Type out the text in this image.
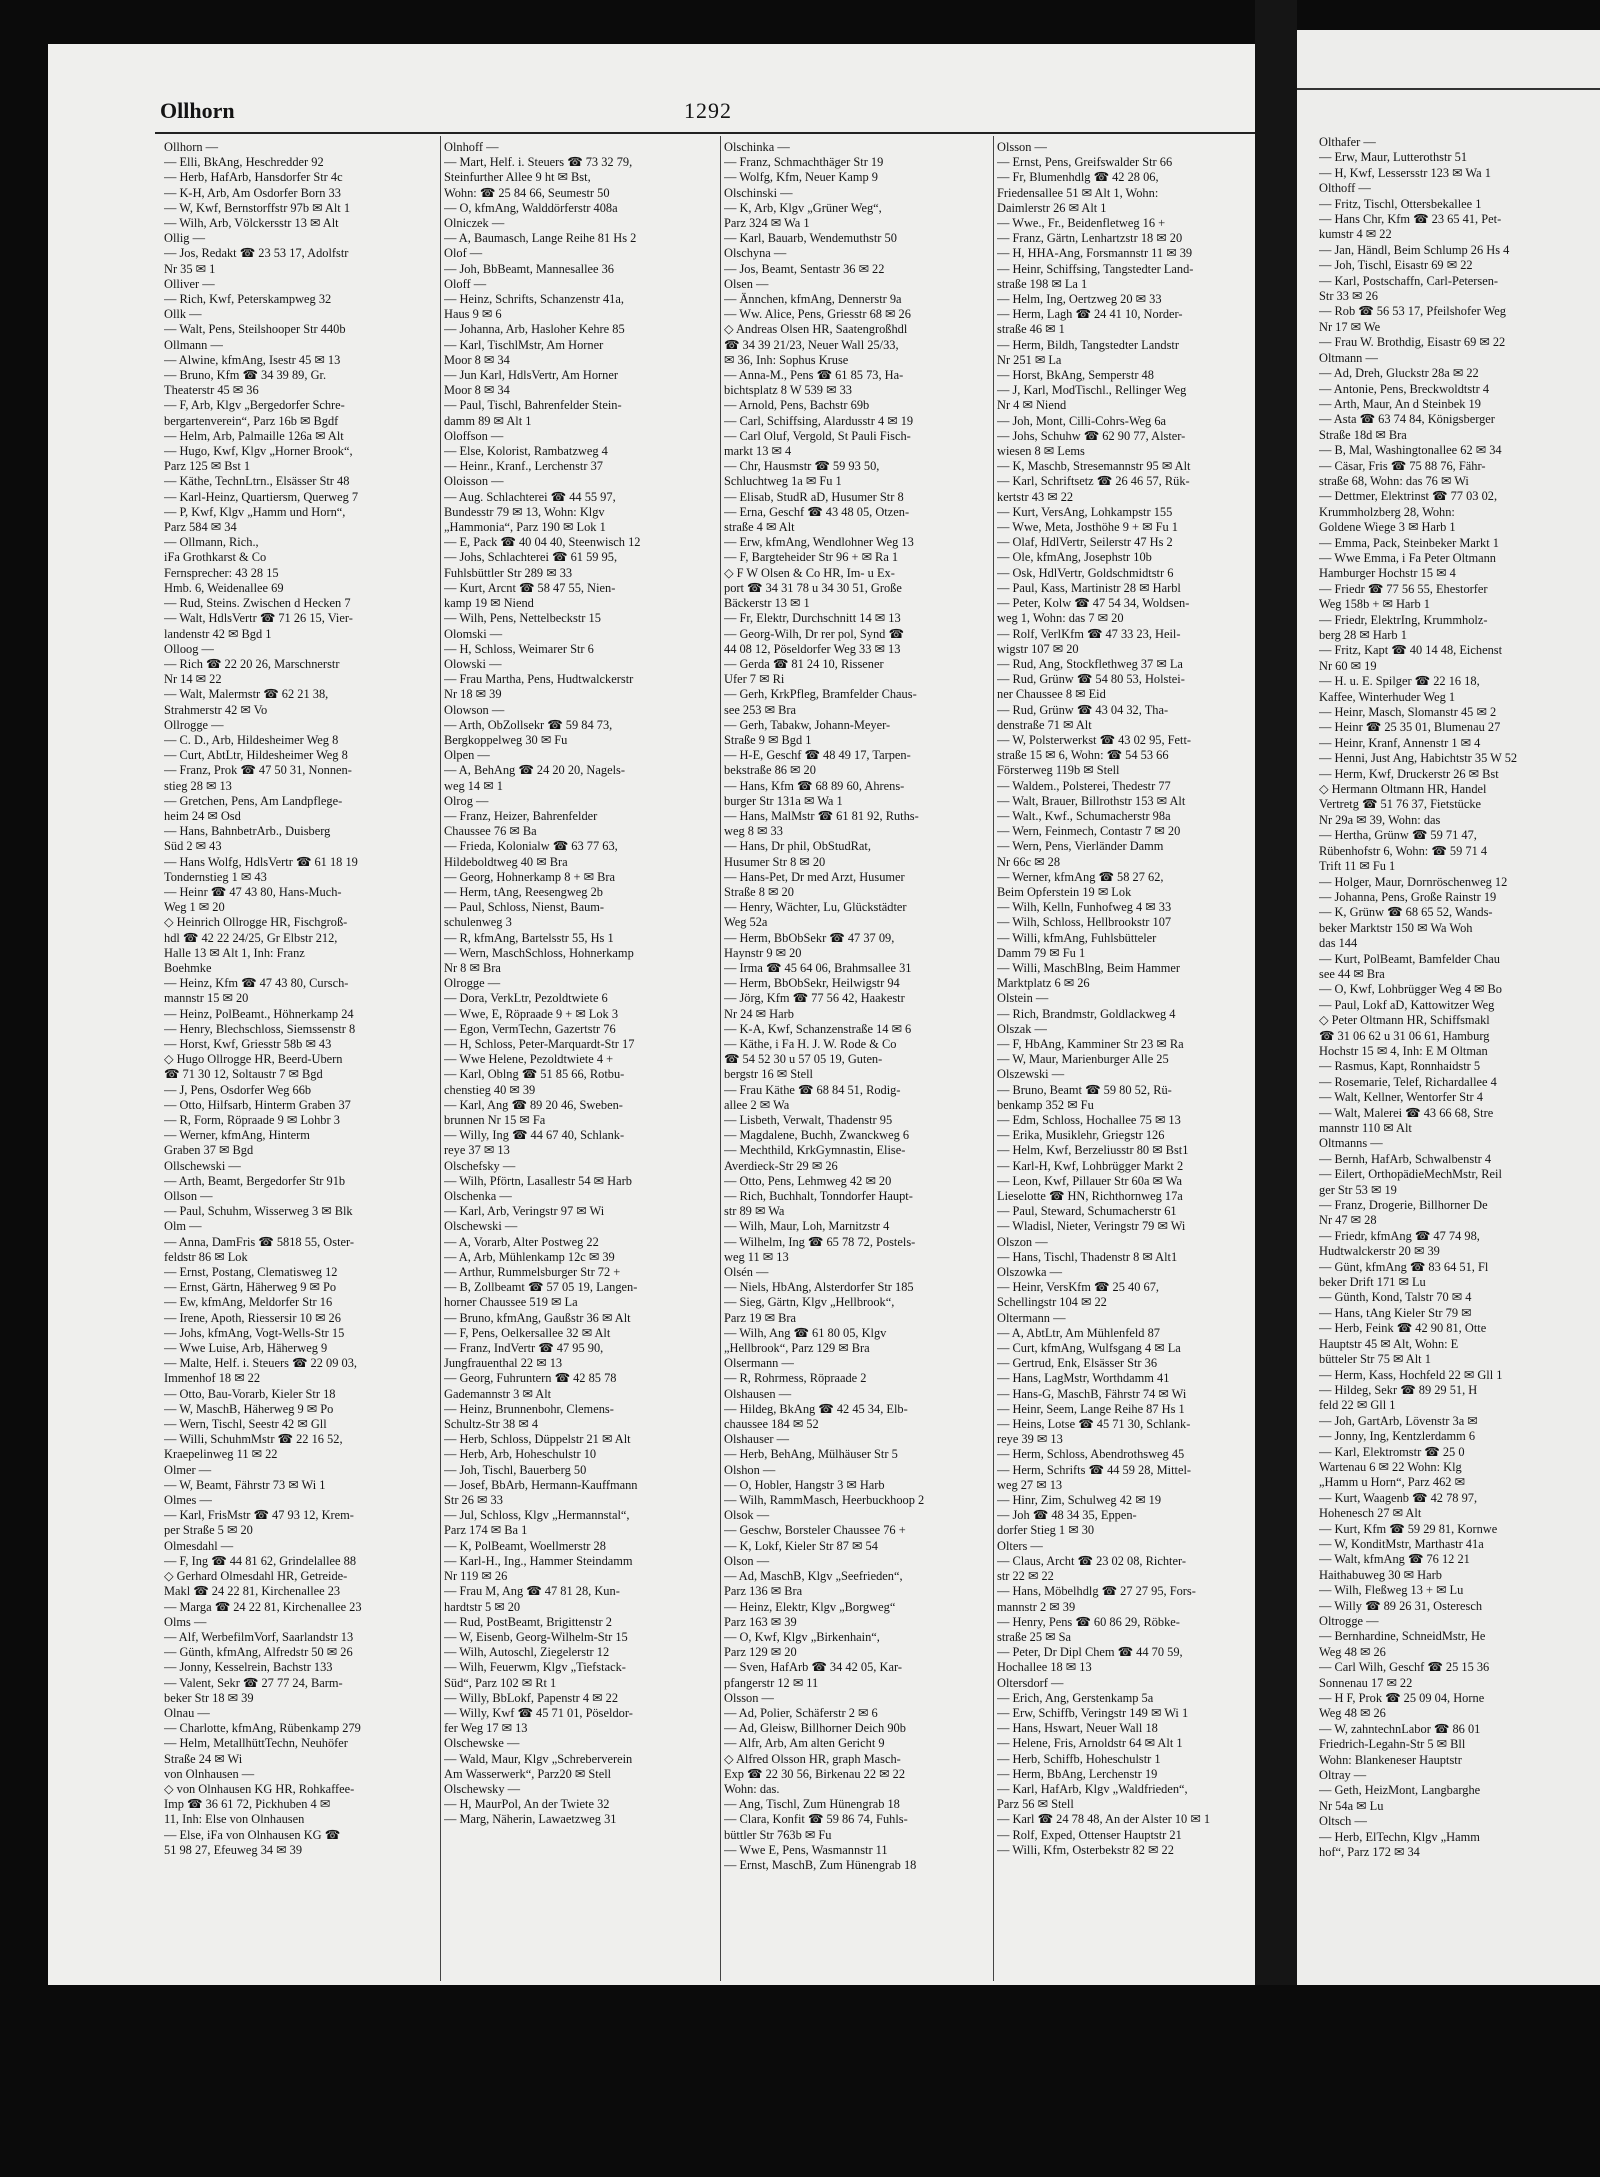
Olthafer —
— Erw, Maur, Lutterothstr 51
— H, Kwf, Lessersstr 123 ✉ Wa 1
Olthoff —
— Fritz, Tischl, Ottersbekallee 1
— Hans Chr, Kfm ☎ 23 65 41, Pet-
kumstr 4 ✉ 22
— Jan, Händl, Beim Schlump 26 Hs 4
— Joh, Tischl, Eisastr 69 ✉ 22
— Karl, Postschaffn, Carl-Petersen-
Str 33 ✉ 26
— Rob ☎ 56 53 17, Pfeilshofer Weg
Nr 17 ✉ We
— Frau W. Brothdig, Eisastr 69 ✉ 22
Oltmann —
— Ad, Dreh, Gluckstr 28a ✉ 22
— Antonie, Pens, Breckwoldtstr 4
— Arth, Maur, An d Steinbek 19
— Asta ☎ 63 74 84, Königsberger
Straße 18d ✉ Bra
— B, Mal, Washingtonallee 62 ✉ 34
— Cäsar, Fris ☎ 75 88 76, Fähr-
straße 68, Wohn: das 76 ✉ Wi
— Dettmer, Elektrinst ☎ 77 03 02,
Krummholzberg 28, Wohn:
Goldene Wiege 3 ✉ Harb 1
— Emma, Pack, Steinbeker Markt 1
— Wwe Emma, i Fa Peter Oltmann
Hamburger Hochstr 15 ✉ 4
— Friedr ☎ 77 56 55, Ehestorfer
Weg 158b + ✉ Harb 1
— Friedr, ElektrIng, Krummholz-
berg 28 ✉ Harb 1
— Fritz, Kapt ☎ 40 14 48, Eichenst
Nr 60 ✉ 19
— H. u. E. Spilger ☎ 22 16 18,
Kaffee, Winterhuder Weg 1
— Heinr, Masch, Slomanstr 45 ✉ 2
— Heinr ☎ 25 35 01, Blumenau 27
— Heinr, Kranf, Annenstr 1 ✉ 4
— Henni, Just Ang, Habichtstr 35 W 52
— Herm, Kwf, Druckerstr 26 ✉ Bst
◇ Hermann Oltmann HR, Handel
Vertretg ☎ 51 76 37, Fietstücke
Nr 29a ✉ 39, Wohn: das
— Hertha, Grünw ☎ 59 71 47,
Rübenhofstr 6, Wohn: ☎ 59 71 4
Trift 11 ✉ Fu 1
— Holger, Maur, Dornröschenweg 12
— Johanna, Pens, Große Rainstr 19
— K, Grünw ☎ 68 65 52, Wands-
beker Marktstr 150 ✉ Wa Woh
das 144
— Kurt, PolBeamt, Bamfelder Chau
see 44 ✉ Bra
— O, Kwf, Lohbrügger Weg 4 ✉ Bo
— Paul, Lokf aD, Kattowitzer Weg
◇ Peter Oltmann HR, Schiffsmakl
☎ 31 06 62 u 31 06 61, Hamburg
Hochstr 15 ✉ 4, Inh: E M Oltman
— Rasmus, Kapt, Ronnhaidstr 5
— Rosemarie, Telef, Richardallee 4
— Walt, Kellner, Wentorfer Str 4
— Walt, Malerei ☎ 43 66 68, Stre
mannstr 110 ✉ Alt
Oltmanns —
— Bernh, HafArb, Schwalbenstr 4
— Eilert, OrthopädieMechMstr, Reil
ger Str 53 ✉ 19
— Franz, Drogerie, Billhorner De
Nr 47 ✉ 28
— Friedr, kfmAng ☎ 47 74 98,
Hudtwalckerstr 20 ✉ 39
— Günt, kfmAng ☎ 83 64 51, Fl
beker Drift 171 ✉ Lu
— Günth, Kond, Talstr 70 ✉ 4
— Hans, tAng Kieler Str 79 ✉
— Herb, Feink ☎ 42 90 81, Otte
Hauptstr 45 ✉ Alt, Wohn: E
bütteler Str 75 ✉ Alt 1
— Herm, Kass, Hochfeld 22 ✉ Gll 1
— Hildeg, Sekr ☎ 89 29 51, H
feld 22 ✉ Gll 1
— Joh, GartArb, Lövenstr 3a ✉
— Jonny, Ing, Kentzlerdamm 6
— Karl, Elektromstr ☎ 25 0
Wartenau 6 ✉ 22 Wohn: Klg
„Hamm u Horn“, Parz 462 ✉
— Kurt, Waagenb ☎ 42 78 97,
Hohenesch 27 ✉ Alt
— Kurt, Kfm ☎ 59 29 81, Kornwe
— W, KonditMstr, Marthastr 41a
— Walt, kfmAng ☎ 76 12 21
Haithabuweg 30 ✉ Harb
— Wilh, Fleßweg 13 + ✉ Lu
— Willy ☎ 89 26 31, Osteresch
Oltrogge —
— Bernhardine, SchneidMstr, He
Weg 48 ✉ 26
— Carl Wilh, Geschf ☎ 25 15 36
Sonnenau 17 ✉ 22
— H F, Prok ☎ 25 09 04, Horne
Weg 48 ✉ 26
— W, zahntechnLabor ☎ 86 01
Friedrich-Legahn-Str 5 ✉ Bll
Wohn: Blankeneser Hauptstr
Oltray —
— Geth, HeizMont, Langbarghe
Nr 54a ✉ Lu
Oltsch —
— Herb, ElTechn, Klgv „Hamm
hof“, Parz 172 ✉ 34
Ollhorn	1292
Ollhorn —
— Elli, BkAng, Heschredder 92
— Herb, HafArb, Hansdorfer Str 4c
— K-H, Arb, Am Osdorfer Born 33
— W, Kwf, Bernstorffstr 97b ✉ Alt 1
— Wilh, Arb, Völckersstr 13 ✉ Alt
Ollig —
— Jos, Redakt ☎ 23 53 17, Adolfstr
Nr 35 ✉ 1
Olliver —
— Rich, Kwf, Peterskampweg 32
Ollk —
— Walt, Pens, Steilshooper Str 440b
Ollmann —
— Alwine, kfmAng, Isestr 45 ✉ 13
— Bruno, Kfm ☎ 34 39 89, Gr.
Theaterstr 45 ✉ 36
— F, Arb, Klgv „Bergedorfer Schre-
bergartenverein“, Parz 16b ✉ Bgdf
— Helm, Arb, Palmaille 126a ✉ Alt
— Hugo, Kwf, Klgv „Horner Brook“,
Parz 125 ✉ Bst 1
— Käthe, TechnLtrn., Elsässer Str 48
— Karl-Heinz, Quartiersm, Querweg 7
— P, Kwf, Klgv „Hamm und Horn“,
Parz 584 ✉ 34
— Ollmann, Rich.,
iFa Grothkarst & Co
Fernsprecher: 43 28 15
Hmb. 6, Weidenallee 69
— Rud, Steins. Zwischen d Hecken 7
— Walt, HdlsVertr ☎ 71 26 15, Vier-
landenstr 42 ✉ Bgd 1
Olloog —
— Rich ☎ 22 20 26, Marschnerstr
Nr 14 ✉ 22
— Walt, Malermstr ☎ 62 21 38,
Strahmerstr 42 ✉ Vo
Ollrogge —
— C. D., Arb, Hildesheimer Weg 8
— Curt, AbtLtr, Hildesheimer Weg 8
— Franz, Prok ☎ 47 50 31, Nonnen-
stieg 28 ✉ 13
— Gretchen, Pens, Am Landpflege-
heim 24 ✉ Osd
— Hans, BahnbetrArb., Duisberg
Süd 2 ✉ 43
— Hans Wolfg, HdlsVertr ☎ 61 18 19
Tondernstieg 1 ✉ 43
— Heinr ☎ 47 43 80, Hans-Much-
Weg 1 ✉ 20
◇ Heinrich Ollrogge HR, Fischgroß-
hdl ☎ 42 22 24/25, Gr Elbstr 212,
Halle 13 ✉ Alt 1, Inh: Franz
Boehmke
— Heinz, Kfm ☎ 47 43 80, Cursch-
mannstr 15 ✉ 20
— Heinz, PolBeamt., Höhnerkamp 24
— Henry, Blechschloss, Siemssenstr 8
— Horst, Kwf, Griesstr 58b ✉ 43
◇ Hugo Ollrogge HR, Beerd-Ubern
☎ 71 30 12, Soltaustr 7 ✉ Bgd
— J, Pens, Osdorfer Weg 66b
— Otto, Hilfsarb, Hinterm Graben 37
— R, Form, Röpraade 9 ✉ Lohbr 3
— Werner, kfmAng, Hinterm
Graben 37 ✉ Bgd
Ollschewski —
— Arth, Beamt, Bergedorfer Str 91b
Ollson —
— Paul, Schuhm, Wisserweg 3 ✉ Blk
Olm —
— Anna, DamFris ☎ 5818 55, Oster-
feldstr 86 ✉ Lok
— Ernst, Postang, Clematisweg 12
— Ernst, Gärtn, Häherweg 9 ✉ Po
— Ew, kfmAng, Meldorfer Str 16
— Irene, Apoth, Riessersir 10 ✉ 26
— Johs, kfmAng, Vogt-Wells-Str 15
— Wwe Luise, Arb, Häherweg 9
— Malte, Helf. i. Steuers ☎ 22 09 03,
Immenhof 18 ✉ 22
— Otto, Bau-Vorarb, Kieler Str 18
— W, MaschB, Häherweg 9 ✉ Po
— Wern, Tischl, Seestr 42 ✉ Gll
— Willi, SchuhmMstr ☎ 22 16 52,
Kraepelinweg 11 ✉ 22
Olmer —
— W, Beamt, Fährstr 73 ✉ Wi 1
Olmes —
— Karl, FrisMstr ☎ 47 93 12, Krem-
per Straße 5 ✉ 20
Olmesdahl —
— F, Ing ☎ 44 81 62, Grindelallee 88
◇ Gerhard Olmesdahl HR, Getreide-
Makl ☎ 24 22 81, Kirchenallee 23
— Marga ☎ 24 22 81, Kirchenallee 23
Olms —
— Alf, WerbefilmVorf, Saarlandstr 13
— Günth, kfmAng, Alfredstr 50 ✉ 26
— Jonny, Kesselrein, Bachstr 133
— Valent, Sekr ☎ 27 77 24, Barm-
beker Str 18 ✉ 39
Olnau —
— Charlotte, kfmAng, Rübenkamp 279
— Helm, MetallhüttTechn, Neuhöfer
Straße 24 ✉ Wi
von Olnhausen —
◇ von Olnhausen KG HR, Rohkaffee-
Imp ☎ 36 61 72, Pickhuben 4 ✉
11, Inh: Else von Olnhausen
— Else, iFa von Olnhausen KG ☎
51 98 27, Efeuweg 34 ✉ 39
Olnhoff —
— Mart, Helf. i. Steuers ☎ 73 32 79,
Steinfurther Allee 9 ht ✉ Bst,
Wohn: ☎ 25 84 66, Seumestr 50
— O, kfmAng, Walddörferstr 408a
Olniczek —
— A, Baumasch, Lange Reihe 81 Hs 2
Olof —
— Joh, BbBeamt, Mannesallee 36
Oloff —
— Heinz, Schrifts, Schanzenstr 41a,
Haus 9 ✉ 6
— Johanna, Arb, Hasloher Kehre 85
— Karl, TischlMstr, Am Horner
Moor 8 ✉ 34
— Jun Karl, HdlsVertr, Am Horner
Moor 8 ✉ 34
— Paul, Tischl, Bahrenfelder Stein-
damm 89 ✉ Alt 1
Oloffson —
— Else, Kolorist, Rambatzweg 4
— Heinr., Kranf., Lerchenstr 37
Oloisson —
— Aug. Schlachterei ☎ 44 55 97,
Bundesstr 79 ✉ 13, Wohn: Klgv
„Hammonia“, Parz 190 ✉ Lok 1
— E, Pack ☎ 40 04 40, Steenwisch 12
— Johs, Schlachterei ☎ 61 59 95,
Fuhlsbüttler Str 289 ✉ 33
— Kurt, Arcnt ☎ 58 47 55, Nien-
kamp 19 ✉ Niend
— Wilh, Pens, Nettelbeckstr 15
Olomski —
— H, Schloss, Weimarer Str 6
Olowski —
— Frau Martha, Pens, Hudtwalckerstr
Nr 18 ✉ 39
Olowson —
— Arth, ObZollsekr ☎ 59 84 73,
Bergkoppelweg 30 ✉ Fu
Olpen —
— A, BehAng ☎ 24 20 20, Nagels-
weg 14 ✉ 1
Olrog —
— Franz, Heizer, Bahrenfelder
Chaussee 76 ✉ Ba
— Frieda, Kolonialw ☎ 63 77 63,
Hildeboldtweg 40 ✉ Bra
— Georg, Hohnerkamp 8 + ✉ Bra
— Herm, tAng, Reesengweg 2b
— Paul, Schloss, Nienst, Baum-
schulenweg 3
— R, kfmAng, Bartelsstr 55, Hs 1
— Wern, MaschSchloss, Hohnerkamp
Nr 8 ✉ Bra
Olrogge —
— Dora, VerkLtr, Pezoldtwiete 6
— Wwe, E, Röpraade 9 + ✉ Lok 3
— Egon, VermTechn, Gazertstr 76
— H, Schloss, Peter-Marquardt-Str 17
— Wwe Helene, Pezoldtwiete 4 +
— Karl, Oblng ☎ 51 85 66, Rotbu-
chenstieg 40 ✉ 39
— Karl, Ang ☎ 89 20 46, Sweben-
brunnen Nr 15 ✉ Fa
— Willy, Ing ☎ 44 67 40, Schlank-
reye 37 ✉ 13
Olschefsky —
— Wilh, Pförtn, Lasallestr 54 ✉ Harb
Olschenka —
— Karl, Arb, Veringstr 97 ✉ Wi
Olschewski —
— A, Vorarb, Alter Postweg 22
— A, Arb, Mühlenkamp 12c ✉ 39
— Arthur, Rummelsburger Str 72 +
— B, Zollbeamt ☎ 57 05 19, Langen-
horner Chaussee 519 ✉ La
— Bruno, kfmAng, Gaußstr 36 ✉ Alt
— F, Pens, Oelkersallee 32 ✉ Alt
— Franz, IndVertr ☎ 47 95 90,
Jungfrauenthal 22 ✉ 13
— Georg, Fuhruntern ☎ 42 85 78
Gademannstr 3 ✉ Alt
— Heinz, Brunnenbohr, Clemens-
Schultz-Str 38 ✉ 4
— Herb, Schloss, Düppelstr 21 ✉ Alt
— Herb, Arb, Hoheschulstr 10
— Joh, Tischl, Bauerberg 50
— Josef, BbArb, Hermann-Kauffmann
Str 26 ✉ 33
— Jul, Schloss, Klgv „Hermannstal“,
Parz 174 ✉ Ba 1
— K, PolBeamt, Woellmerstr 28
— Karl-H., Ing., Hammer Steindamm
Nr 119 ✉ 26
— Frau M, Ang ☎ 47 81 28, Kun-
hardtstr 5 ✉ 20
— Rud, PostBeamt, Brigittenstr 2
— W, Eisenb, Georg-Wilhelm-Str 15
— Wilh, Autoschl, Ziegelerstr 12
— Wilh, Feuerwm, Klgv „Tiefstack-
Süd“, Parz 102 ✉ Rt 1
— Willy, BbLokf, Papenstr 4 ✉ 22
— Willy, Kwf ☎ 45 71 01, Pöseldor-
fer Weg 17 ✉ 13
Olschewske —
— Wald, Maur, Klgv „Schreberverein
Am Wasserwerk“, Parz20 ✉ Stell
Olschewsky —
— H, MaurPol, An der Twiete 32
— Marg, Näherin, Lawaetzweg 31
Olschinka —
— Franz, Schmachthäger Str 19
— Wolfg, Kfm, Neuer Kamp 9
Olschinski —
— K, Arb, Klgv „Grüner Weg“,
Parz 324 ✉ Wa 1
— Karl, Bauarb, Wendemuthstr 50
Olschyna —
— Jos, Beamt, Sentastr 36 ✉ 22
Olsen —
— Ännchen, kfmAng, Dennerstr 9a
— Ww. Alice, Pens, Griesstr 68 ✉ 26
◇ Andreas Olsen HR, Saatengroßhdl
☎ 34 39 21/23, Neuer Wall 25/33,
✉ 36, Inh: Sophus Kruse
— Anna-M., Pens ☎ 61 85 73, Ha-
bichtsplatz 8 W 539 ✉ 33
— Arnold, Pens, Bachstr 69b
— Carl, Schiffsing, Alardusstr 4 ✉ 19
— Carl Oluf, Vergold, St Pauli Fisch-
markt 13 ✉ 4
— Chr, Hausmstr ☎ 59 93 50,
Schluchtweg 1a ✉ Fu 1
— Elisab, StudR aD, Husumer Str 8
— Erna, Geschf ☎ 43 48 05, Otzen-
straße 4 ✉ Alt
— Erw, kfmAng, Wendlohner Weg 13
— F, Bargteheider Str 96 + ✉ Ra 1
◇ F W Olsen & Co HR, Im- u Ex-
port ☎ 34 31 78 u 34 30 51, Große
Bäckerstr 13 ✉ 1
— Fr, Elektr, Durchschnitt 14 ✉ 13
— Georg-Wilh, Dr rer pol, Synd ☎
44 08 12, Pöseldorfer Weg 33 ✉ 13
— Gerda ☎ 81 24 10, Rissener
Ufer 7 ✉ Ri
— Gerh, KrkPfleg, Bramfelder Chaus-
see 253 ✉ Bra
— Gerh, Tabakw, Johann-Meyer-
Straße 9 ✉ Bgd 1
— H-E, Geschf ☎ 48 49 17, Tarpen-
bekstraße 86 ✉ 20
— Hans, Kfm ☎ 68 89 60, Ahrens-
burger Str 131a ✉ Wa 1
— Hans, MalMstr ☎ 61 81 92, Ruths-
weg 8 ✉ 33
— Hans, Dr phil, ObStudRat,
Husumer Str 8 ✉ 20
— Hans-Pet, Dr med Arzt, Husumer
Straße 8 ✉ 20
— Henry, Wächter, Lu, Glückstädter
Weg 52a
— Herm, BbObSekr ☎ 47 37 09,
Haynstr 9 ✉ 20
— Irma ☎ 45 64 06, Brahmsallee 31
— Herm, BbObSekr, Heilwigstr 94
— Jörg, Kfm ☎ 77 56 42, Haakestr
Nr 24 ✉ Harb
— K-A, Kwf, Schanzenstraße 14 ✉ 6
— Käthe, i Fa H. J. W. Rode & Co
☎ 54 52 30 u 57 05 19, Guten-
bergstr 16 ✉ Stell
— Frau Käthe ☎ 68 84 51, Rodig-
allee 2 ✉ Wa
— Lisbeth, Verwalt, Thadenstr 95
— Magdalene, Buchh, Zwanckweg 6
— Mechthild, KrkGymnastin, Elise-
Averdieck-Str 29 ✉ 26
— Otto, Pens, Lehmweg 42 ✉ 20
— Rich, Buchhalt, Tonndorfer Haupt-
str 89 ✉ Wa
— Wilh, Maur, Loh, Marnitzstr 4
— Wilhelm, Ing ☎ 65 78 72, Postels-
weg 11 ✉ 13
Olsén —
— Niels, HbAng, Alsterdorfer Str 185
— Sieg, Gärtn, Klgv „Hellbrook“,
Parz 19 ✉ Bra
— Wilh, Ang ☎ 61 80 05, Klgv
„Hellbrook“, Parz 129 ✉ Bra
Olsermann —
— R, Rohrmess, Röpraade 2
Olshausen —
— Hildeg, BkAng ☎ 42 45 34, Elb-
chaussee 184 ✉ 52
Olshauser —
— Herb, BehAng, Mülhäuser Str 5
Olshon —
— O, Hobler, Hangstr 3 ✉ Harb
— Wilh, RammMasch, Heerbuckhoop 2
Olsok —
— Geschw, Borsteler Chaussee 76 +
— K, Lokf, Kieler Str 87 ✉ 54
Olson —
— Ad, MaschB, Klgv „Seefrieden“,
Parz 136 ✉ Bra
— Heinz, Elektr, Klgv „Borgweg“
Parz 163 ✉ 39
— O, Kwf, Klgv „Birkenhain“,
Parz 129 ✉ 20
— Sven, HafArb ☎ 34 42 05, Kar-
pfangerstr 12 ✉ 11
Olsson —
— Ad, Polier, Schäferstr 2 ✉ 6
— Ad, Gleisw, Billhorner Deich 90b
— Alfr, Arb, Am alten Gericht 9
◇ Alfred Olsson HR, graph Masch-
Exp ☎ 22 30 56, Birkenau 22 ✉ 22
Wohn: das.
— Ang, Tischl, Zum Hünengrab 18
— Clara, Konfit ☎ 59 86 74, Fuhls-
büttler Str 763b ✉ Fu
— Wwe E, Pens, Wasmannstr 11
— Ernst, MaschB, Zum Hünengrab 18
Olsson —
— Ernst, Pens, Greifswalder Str 66
— Fr, Blumenhdlg ☎ 42 28 06,
Friedensallee 51 ✉ Alt 1, Wohn:
Daimlerstr 26 ✉ Alt 1
— Wwe., Fr., Beidenfletweg 16 +
— Franz, Gärtn, Lenhartzstr 18 ✉ 20
— H, HHA-Ang, Forsmannstr 11 ✉ 39
— Heinr, Schiffsing, Tangstedter Land-
straße 198 ✉ La 1
— Helm, Ing, Oertzweg 20 ✉ 33
— Herm, Lagh ☎ 24 41 10, Norder-
straße 46 ✉ 1
— Herm, Bildh, Tangstedter Landstr
Nr 251 ✉ La
— Horst, BkAng, Semperstr 48
— J, Karl, ModTischl., Rellinger Weg
Nr 4 ✉ Niend
— Joh, Mont, Cilli-Cohrs-Weg 6a
— Johs, Schuhw ☎ 62 90 77, Alster-
wiesen 8 ✉ Lems
— K, Maschb, Stresemannstr 95 ✉ Alt
— Karl, Schriftsetz ☎ 26 46 57, Rük-
kertstr 43 ✉ 22
— Kurt, VersAng, Lohkampstr 155
— Wwe, Meta, Josthöhe 9 + ✉ Fu 1
— Olaf, HdlVertr, Seilerstr 47 Hs 2
— Ole, kfmAng, Josephstr 10b
— Osk, HdlVertr, Goldschmidtstr 6
— Paul, Kass, Martinistr 28 ✉ Harbl
— Peter, Kolw ☎ 47 54 34, Woldsen-
weg 1, Wohn: das 7 ✉ 20
— Rolf, VerlKfm ☎ 47 33 23, Heil-
wigstr 107 ✉ 20
— Rud, Ang, Stockflethweg 37 ✉ La
— Rud, Grünw ☎ 54 80 53, Holstei-
ner Chaussee 8 ✉ Eid
— Rud, Grünw ☎ 43 04 32, Tha-
denstraße 71 ✉ Alt
— W, Polsterwerkst ☎ 43 02 95, Fett-
straße 15 ✉ 6, Wohn: ☎ 54 53 66
Försterweg 119b ✉ Stell
— Waldem., Polsterei, Thedestr 77
— Walt, Brauer, Billrothstr 153 ✉ Alt
— Walt., Kwf., Schumacherstr 98a
— Wern, Feinmech, Contastr 7 ✉ 20
— Wern, Pens, Vierländer Damm
Nr 66c ✉ 28
— Werner, kfmAng ☎ 58 27 62,
Beim Opferstein 19 ✉ Lok
— Wilh, Kelln, Funhofweg 4 ✉ 33
— Wilh, Schloss, Hellbrookstr 107
— Willi, kfmAng, Fuhlsbütteler
Damm 79 ✉ Fu 1
— Willi, MaschBlng, Beim Hammer
Marktplatz 6 ✉ 26
Olstein —
— Rich, Brandmstr, Goldlackweg 4
Olszak —
— F, HbAng, Kamminer Str 23 ✉ Ra
— W, Maur, Marienburger Alle 25
Olszewski —
— Bruno, Beamt ☎ 59 80 52, Rü-
benkamp 352 ✉ Fu
— Edm, Schloss, Hochallee 75 ✉ 13
— Erika, Musiklehr, Griegstr 126
— Helm, Kwf, Berzeliusstr 80 ✉ Bst1
— Karl-H, Kwf, Lohbrügger Markt 2
— Leon, Kwf, Pillauer Str 60a ✉ Wa
Lieselotte ☎ HN, Richthornweg 17a
— Paul, Steward, Schumacherstr 61
— Wladisl, Nieter, Veringstr 79 ✉ Wi
Olszon —
— Hans, Tischl, Thadenstr 8 ✉ Alt1
Olszowka —
— Heinr, VersKfm ☎ 25 40 67,
Schellingstr 104 ✉ 22
Oltermann —
— A, AbtLtr, Am Mühlenfeld 87
— Curt, kfmAng, Wulfsgang 4 ✉ La
— Gertrud, Enk, Elsässer Str 36
— Hans, LagMstr, Worthdamm 41
— Hans-G, MaschB, Fährstr 74 ✉ Wi
— Heinr, Seem, Lange Reihe 87 Hs 1
— Heins, Lotse ☎ 45 71 30, Schlank-
reye 39 ✉ 13
— Herm, Schloss, Abendrothsweg 45
— Herm, Schrifts ☎ 44 59 28, Mittel-
weg 27 ✉ 13
— Hinr, Zim, Schulweg 42 ✉ 19
— Joh ☎ 48 34 35, Eppen-
dorfer Stieg 1 ✉ 30
Olters —
— Claus, Archt ☎ 23 02 08, Richter-
str 22 ✉ 22
— Hans, Möbelhdlg ☎ 27 27 95, Fors-
mannstr 2 ✉ 39
— Henry, Pens ☎ 60 86 29, Röbke-
straße 25 ✉ Sa
— Peter, Dr Dipl Chem ☎ 44 70 59,
Hochallee 18 ✉ 13
Oltersdorf —
— Erich, Ang, Gerstenkamp 5a
— Erw, Schiffb, Veringstr 149 ✉ Wi 1
— Hans, Hswart, Neuer Wall 18
— Helene, Fris, Arnoldstr 64 ✉ Alt 1
— Herb, Schiffb, Hoheschulstr 1
— Herm, BbAng, Lerchenstr 19
— Karl, HafArb, Klgv „Waldfrieden“,
Parz 56 ✉ Stell
— Karl ☎ 24 78 48, An der Alster 10 ✉ 1
— Rolf, Exped, Ottenser Hauptstr 21
— Willi, Kfm, Osterbekstr 82 ✉ 22
